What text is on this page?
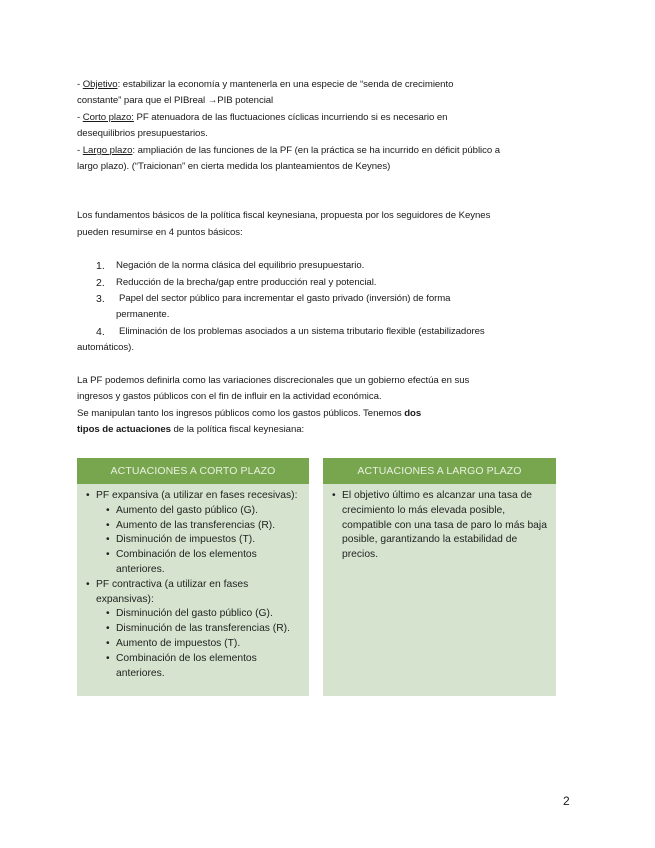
- Objetivo: estabilizar la economía y mantenerla en una especie de “senda de crecimiento
constante” para que el PIBreal →PIB potencial
- Corto plazo: PF atenuadora de las fluctuaciones cíclicas incurriendo si es necesario en
desequilibrios presupuestarios.
- Largo plazo: ampliación de las funciones de la PF (en la práctica se ha incurrido en déficit público a
largo plazo). (“Traicionan” en cierta medida los planteamientos de Keynes)
Los fundamentos básicos de la política fiscal keynesiana, propuesta por los seguidores de Keynes
pueden resumirse en 4 puntos básicos:
1. Negación de la norma clásica del equilibrio presupuestario.
2. Reducción de la brecha/gap entre producción real y potencial.
3. Papel del sector público para incrementar el gasto privado (inversión) de forma
permanente.
4. Eliminación de los problemas asociados a un sistema tributario flexible (estabilizadores
automáticos).
La PF podemos definirla como las variaciones discrecionales que un gobierno efectúa en sus
ingresos y gastos públicos con el fin de influir en la actividad económica.
Se manipulan tanto los ingresos públicos como los gastos públicos. Tenemos dos
tipos de actuaciones de la política fiscal keynesiana:
ACTUACIONES A CORTO PLAZO
• PF expansiva (a utilizar en fases recesivas):
• Aumento del gasto público (G).
• Aumento de las transferencias (R).
• Disminución de impuestos (T).
• Combinación de los elementos anteriores.
• PF contractiva (a utilizar en fases expansivas):
• Disminución del gasto público (G).
• Disminución de las transferencias (R).
• Aumento de impuestos (T).
• Combinación de los elementos anteriores.
ACTUACIONES A LARGO PLAZO
• El objetivo último es alcanzar una tasa de crecimiento lo más elevada posible, compatible con una tasa de paro lo más baja posible, garantizando la estabilidad de precios.
2
